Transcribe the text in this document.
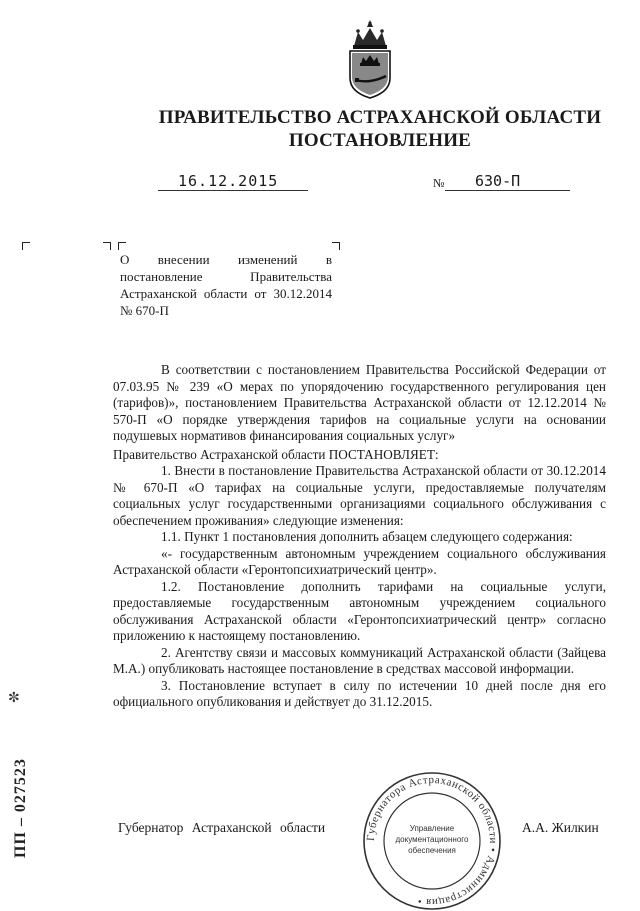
ПРАВИТЕЛЬСТВО АСТРАХАНСКОЙ ОБЛАСТИ
ПОСТАНОВЛЕНИЕ
16.12.2015	№ 630-П
О внесении изменений в постановление Правительства Астраханской области от 30.12.2014 № 670-П

В соответствии с постановлением Правительства Российской Федерации от 07.03.95 № 239 «О мерах по упорядочению государственного регулирования цен (тарифов)», постановлением Правительства Астраханской области от 12.12.2014 № 570-П «О порядке утверждения тарифов на социальные услуги на основании подушевых нормативов финансирования социальных услуг»

Правительство Астраханской области ПОСТАНОВЛЯЕТ:

1. Внести в постановление Правительства Астраханской области от 30.12.2014 № 670-П «О тарифах на социальные услуги, предоставляемые получателям социальных услуг государственными организациями социального обслуживания с обеспечением проживания» следующие изменения:

1.1. Пункт 1 постановления дополнить абзацем следующего содержания:

«- государственным автономным учреждением социального обслуживания Астраханской области «Геронтопсихиатрический центр».

1.2. Постановление дополнить тарифами на социальные услуги, предоставляемые государственным автономным учреждением социального обслуживания Астраханской области «Геронтопсихиатрический центр» согласно приложению к настоящему постановлению.

2. Агентству связи и массовых коммуникаций Астраханской области (Зайцева М.А.) опубликовать настоящее постановление в средствах массовой информации.

3. Постановление вступает в силу по истечении 10 дней после дня его официального опубликования и действует до 31.12.2015.

Губернатора Астраханской области • Администрация •
Управление
документационного
обеспечения
Губернатор Астраханской области	А.А. Жилкин
ПП – 027523
✼
